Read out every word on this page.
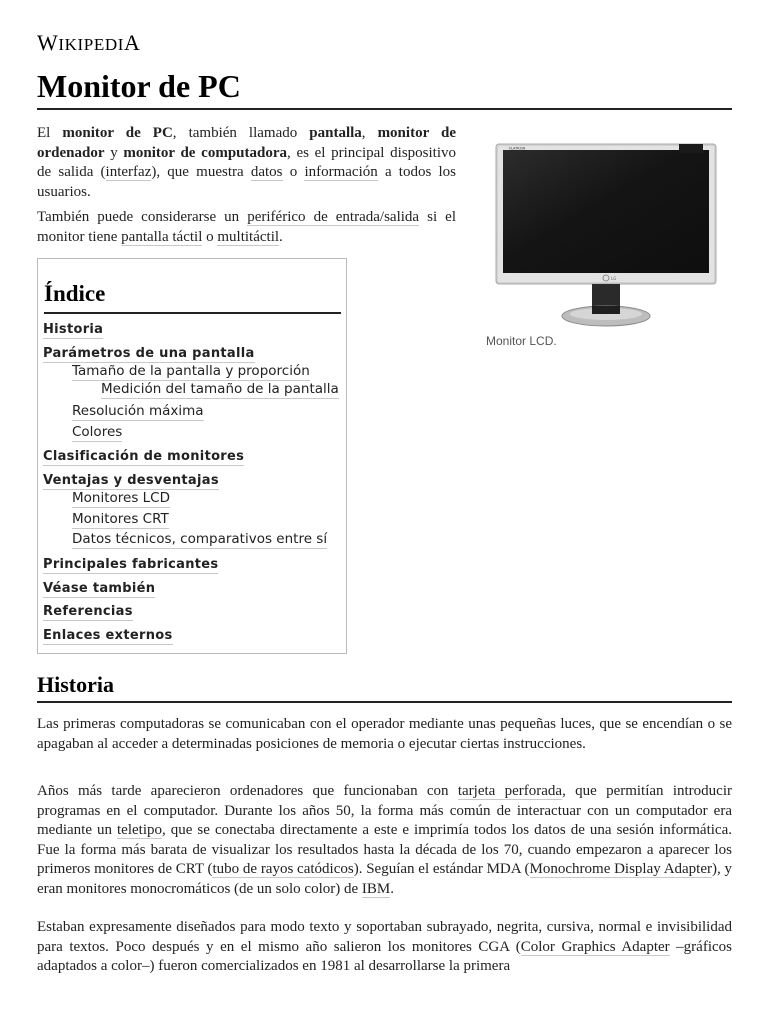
WIKIPEDIA
Monitor de PC

El monitor de PC, también llamado pantalla, monitor de ordenador y monitor de computadora, es el principal dispositivo de salida (interfaz), que muestra datos o información a todos los usuarios.

También puede considerarse un periférico de entrada/salida si el monitor tiene pantalla táctil o multitáctil.

FLATRON
LG
Monitor LCD.
Índice
Historia
Parámetros de una pantalla
Tamaño de la pantalla y proporción
Medición del tamaño de la pantalla
Resolución máxima
Colores
Clasificación de monitores
Ventajas y desventajas
Monitores LCD
Monitores CRT
Datos técnicos, comparativos entre sí
Principales fabricantes
Véase también
Referencias
Enlaces externos
Historia

Las primeras computadoras se comunicaban con el operador mediante unas pequeñas luces, que se encendían o se apagaban al acceder a determinadas posiciones de memoria o ejecutar ciertas instrucciones.

Años más tarde aparecieron ordenadores que funcionaban con tarjeta perforada, que permitían introducir programas en el computador. Durante los años 50, la forma más común de interactuar con un computador era mediante un teletipo, que se conectaba directamente a este e imprimía todos los datos de una sesión informática. Fue la forma más barata de visualizar los resultados hasta la década de los 70, cuando empezaron a aparecer los primeros monitores de CRT (tubo de rayos catódicos). Seguían el estándar MDA (Monochrome Display Adapter), y eran monitores monocromáticos (de un solo color) de IBM.

Estaban expresamente diseñados para modo texto y soportaban subrayado, negrita, cursiva, normal e invisibilidad para textos. Poco después y en el mismo año salieron los monitores CGA (Color Graphics Adapter –gráficos adaptados a color–) fueron comercializados en 1981 al desarrollarse la primera
